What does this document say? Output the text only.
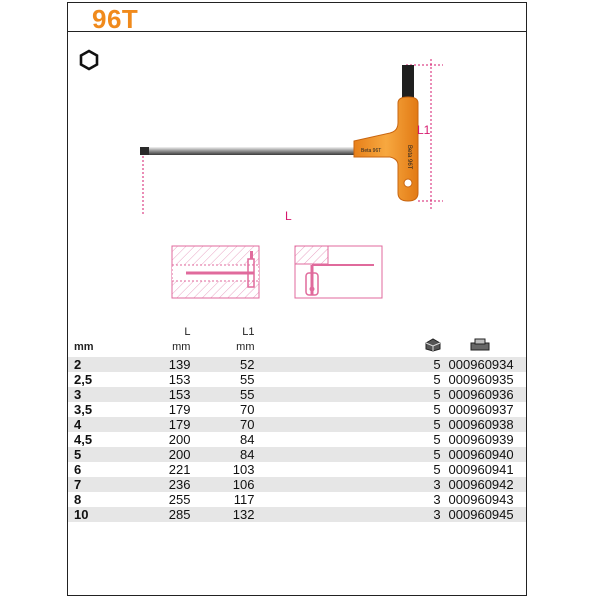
96T
Beta 96T	Beta 96T
L1
L
	L	L1			
mm	mm	mm			
2	139	52		5	000960934
2,5	153	55		5	000960935
3	153	55		5	000960936
3,5	179	70		5	000960937
4	179	70		5	000960938
4,5	200	84		5	000960939
5	200	84		5	000960940
6	221	103		5	000960941
7	236	106		3	000960942
8	255	117		3	000960943
10	285	132		3	000960945
